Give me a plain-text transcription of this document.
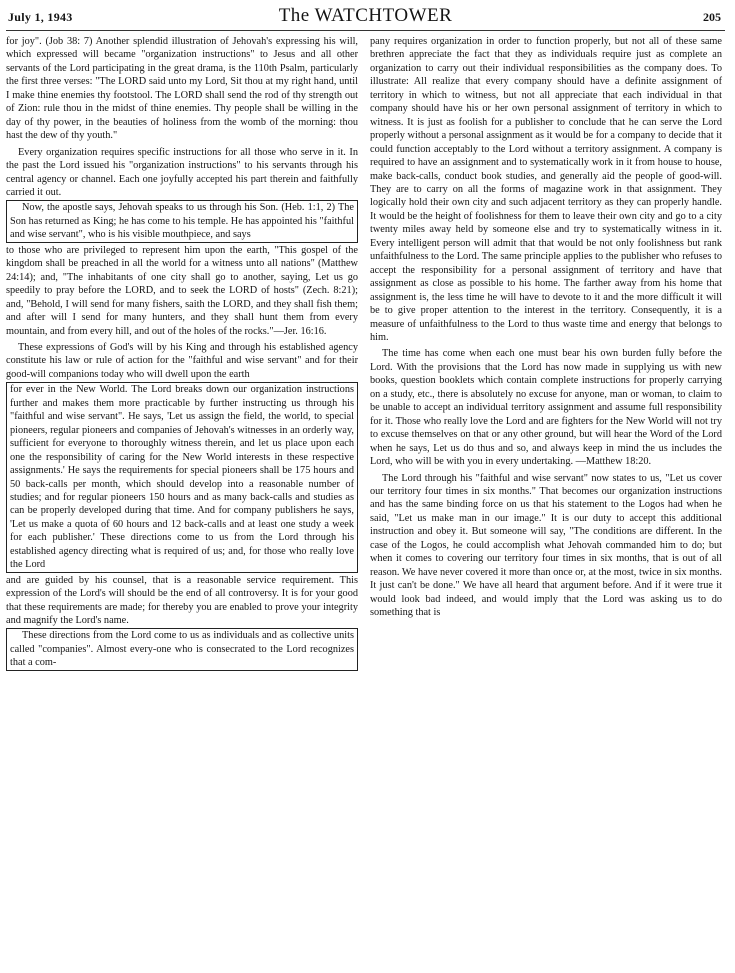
July 1, 1943	The WATCHTOWER	205

for joy". (Job 38: 7) Another splendid illustration of Jehovah's expressing his will, which expressed will became "organization instructions" to Jesus and all other servants of the Lord participating in the great drama, is the 110th Psalm, particularly the first three verses: "The LORD said unto my Lord, Sit thou at my right hand, until I make thine enemies thy footstool. The LORD shall send the rod of thy strength out of Zion: rule thou in the midst of thine enemies. Thy people shall be willing in the day of thy power, in the beauties of holiness from the womb of the morning: thou hast the dew of thy youth."

Every organization requires specific instructions for all those who serve in it. In the past the Lord issued his "organization instructions" to his servants through his central agency or channel. Each one joyfully accepted his part therein and faithfully carried it out.

Now, the apostle says, Jehovah speaks to us through his Son. (Heb. 1:1, 2) The Son has returned as King; he has come to his temple. He has appointed his "faithful and wise servant", who is his visible mouthpiece, and says

to those who are privileged to represent him upon the earth, "This gospel of the kingdom shall be preached in all the world for a witness unto all nations" (Matthew 24:14); and, "The inhabitants of one city shall go to another, saying, Let us go speedily to pray before the LORD, and to seek the LORD of hosts" (Zech. 8:21); and, "Behold, I will send for many fishers, saith the LORD, and they shall fish them; and after will I send for many hunters, and they shall hunt them from every mountain, and from every hill, and out of the holes of the rocks."—Jer. 16:16.

These expressions of God's will by his King and through his established agency constitute his law or rule of action for the "faithful and wise servant" and for their good-will companions today who will dwell upon the earth

for ever in the New World. The Lord breaks down our organization instructions further and makes them more practicable by further instructing us through his "faithful and wise servant". He says, 'Let us assign the field, the world, to special pioneers, regular pioneers and companies of Jehovah's witnesses in an orderly way, sufficient for everyone to thoroughly witness therein, and let us place upon each one the responsibility of caring for the New World interests in these respective assignments.' He says the requirements for special pioneers shall be 175 hours and 50 back-calls per month, which should develop into a reasonable number of studies; and for regular pioneers 150 hours and as many back-calls and studies as can be properly developed during that time. And for company publishers he says, 'Let us make a quota of 60 hours and 12 back-calls and at least one study a week for each publisher.' These directions come to us from the Lord through his established agency directing what is required of us; and, for those who really love the Lord

and are guided by his counsel, that is a reasonable service requirement. This expression of the Lord's will should be the end of all controversy. It is for your good that these requirements are made; for thereby you are enabled to prove your integrity and magnify the Lord's name.

These directions from the Lord come to us as individuals and as collective units called "companies". Almost every-one who is consecrated to the Lord recognizes that a com-

pany requires organization in order to function properly, but not all of these same brethren appreciate the fact that they as individuals require just as complete an organization to carry out their individual responsibilities as the company does. To illustrate: All realize that every company should have a definite assignment of territory in which to witness, but not all appreciate that each individual in that company should have his or her own personal assignment of territory in which to witness. It is just as foolish for a publisher to conclude that he can serve the Lord properly without a personal assignment as it would be for a company to decide that it could function acceptably to the Lord without a territory assignment. A company is required to have an assignment and to systematically work in it from house to house, make back-calls, conduct book studies, and generally aid the people of good-will. They are to carry on all the forms of magazine work in that assignment. They logically hold their own city and such adjacent territory as they can properly handle. It would be the height of foolishness for them to leave their own city and go to a city twenty miles away held by someone else and try to systematically witness in it. Every intelligent person will admit that that would be not only foolishness but rank unfaithfulness to the Lord. The same principle applies to the publisher who refuses to accept the responsibility for a personal assignment of territory and have that assignment as close as possible to his home. The farther away from his home that assignment is, the less time he will have to devote to it and the more difficult it will be to give proper attention to the interest in the territory. Consequently, it is a measure of unfaithfulness to the Lord to thus waste time and energy that belongs to him.

The time has come when each one must bear his own burden fully before the Lord. With the provisions that the Lord has now made in supplying us with new books, question booklets which contain complete instructions for properly carrying on a study, etc., there is absolutely no excuse for anyone, man or woman, to claim to be unable to accept an individual territory assignment and assume full responsibility for it. Those who really love the Lord and are fighters for the New World will not try to excuse themselves on that or any other ground, but will hear the Word of the Lord when he says, Let us do thus and so, and always keep in mind the us includes the Lord, who will be with you in every undertaking. —Matthew 18:20.

The Lord through his "faithful and wise servant" now states to us, "Let us cover our territory four times in six months." That becomes our organization instructions and has the same binding force on us that his statement to the Logos had when he said, "Let us make man in our image." It is our duty to accept this additional instruction and obey it. But someone will say, "The conditions are different. In the case of the Logos, he could accomplish what Jehovah commanded him to do; but when it comes to covering our territory four times in six months, that is out of all reason. We have never covered it more than once or, at the most, twice in six months. It just can't be done." We have all heard that argument before. And if it were true it would look bad indeed, and would imply that the Lord was asking us to do something that is
